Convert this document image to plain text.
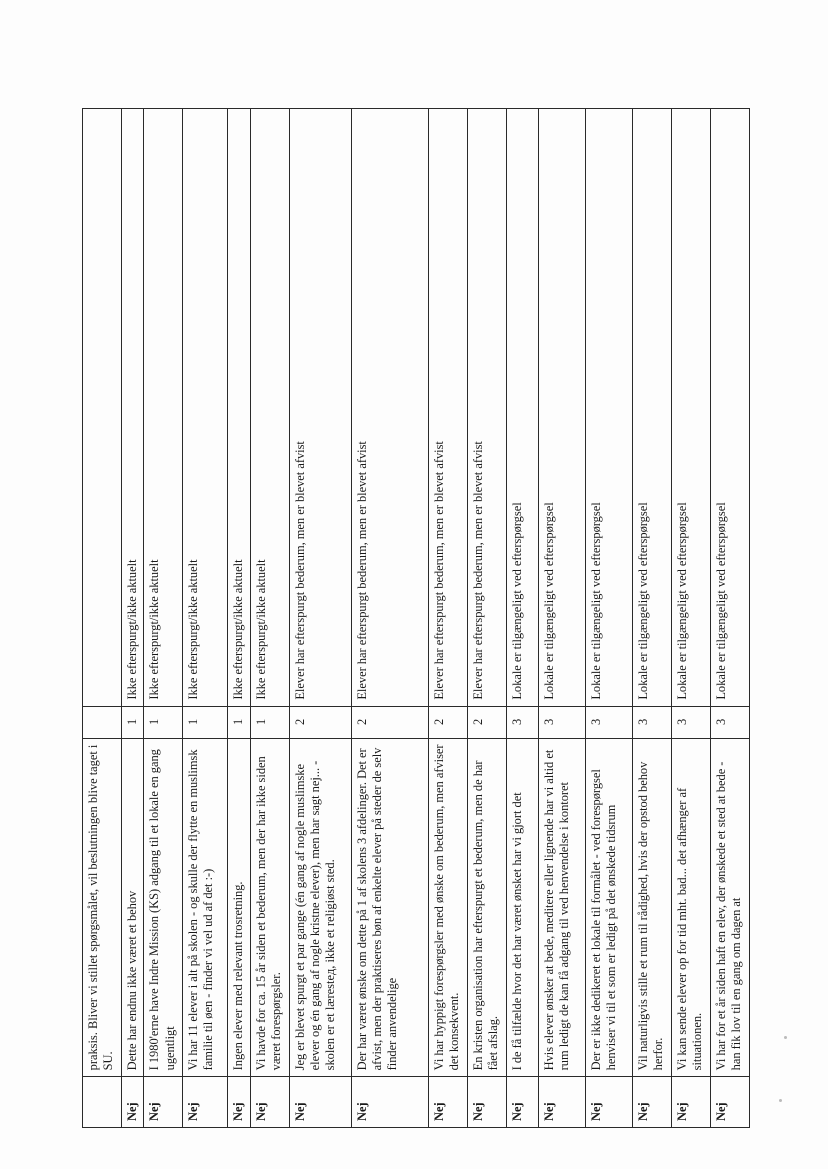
	praksis. Bliver vi stillet spørgsmålet, vil beslutningen blive taget i SU.		
Nej	Dette har endnu ikke været et behov	1	Ikke efterspurgt/ikke aktuelt
Nej	I 1980'erne have Indre Mission (KS) adgang til et lokale en gang ugentligt	1	Ikke efterspurgt/ikke aktuelt
Nej	Vi har 11 elever i alt på skolen - og skulle der flytte en muslimsk familie til øen - finder vi vel ud af det :-)	1	Ikke efterspurgt/ikke aktuelt
Nej	Ingen elever med relevant trosretning.	1	Ikke efterspurgt/ikke aktuelt
Nej	Vi havde for ca. 15 år siden et bederum, men der har ikke siden været forespørgsler.	1	Ikke efterspurgt/ikke aktuelt
Nej	Jeg er blevet spurgt et par gange (én gang af nogle muslimske elever og én gang af nogle kristne elever), men har sagt nej... - skolen er et læresteд, ikke et religiøst sted.	2	Elever har efterspurgt bederum, men er blevet afvist
Nej	Der har været ønske om dette på 1 af skolens 3 afdelinger. Det er afvist, men der praktiseres bøn af enkelte elever på steder de selv finder anvendelige	2	Elever har efterspurgt bederum, men er blevet afvist
Nej	Vi har hyppigt forespørgsler med ønske om bederum, men afviser det konsekvent.	2	Elever har efterspurgt bederum, men er blevet afvist
Nej	En kristen organisation har efterspurgt et bederum, men de har fået afslag.	2	Elever har efterspurgt bederum, men er blevet afvist
Nej	I de få tilfælde hvor det har været ønsket har vi gjort det	3	Lokale er tilgængeligt ved efterspørgsel
Nej	Hvis elever ønsker at bede, meditere eller lignende har vi altid et rum ledigt de kan få adgang til ved henvendelse i kontoret	3	Lokale er tilgængeligt ved efterspørgsel
Nej	Der er ikke dedikeret et lokale til formålet - ved forespørgsel henviser vi til et som er ledigt på det ønskede tidsrum	3	Lokale er tilgængeligt ved efterspørgsel
Nej	Vil naturligvis stille et rum til rådighed, hvis der opstod behov herfor.	3	Lokale er tilgængeligt ved efterspørgsel
Nej	Vi kan sende elever op for tid mht. bad... det afhænger af situationen.	3	Lokale er tilgængeligt ved efterspørgsel
Nej	Vi har for et år siden haft en elev, der ønskede et sted at bede - han fik lov til en gang om dagen at	3	Lokale er tilgængeligt ved efterspørgsel
